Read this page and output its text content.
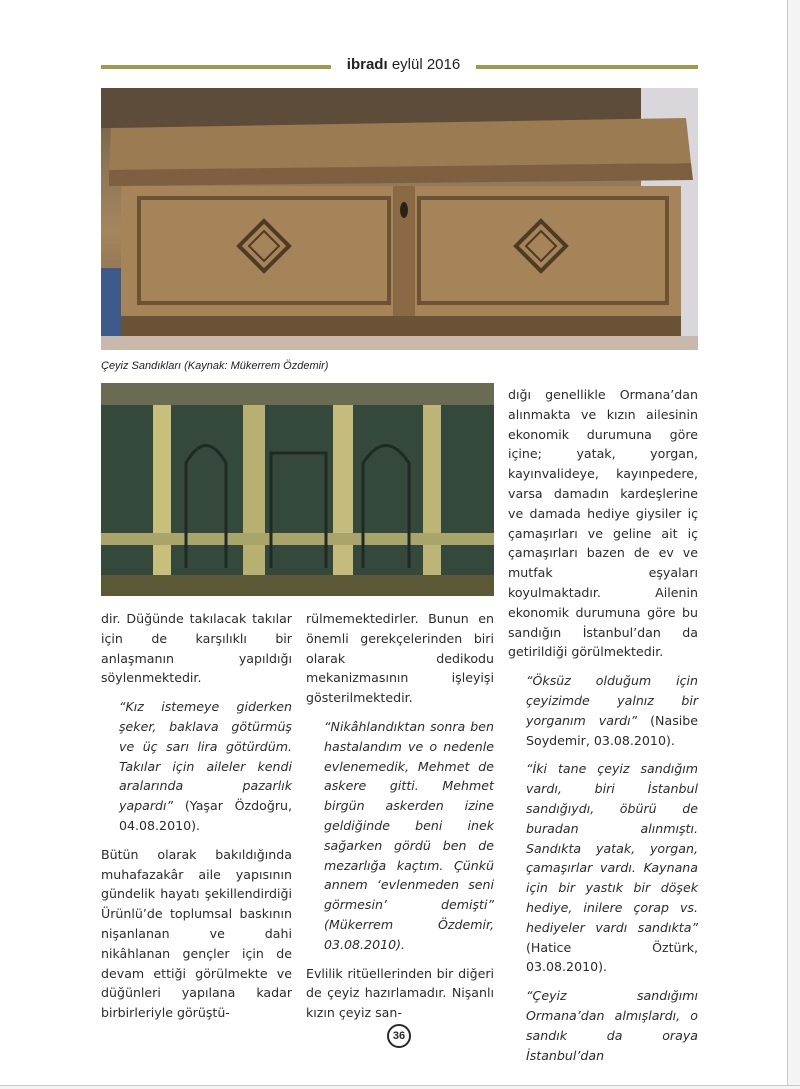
ibradı eylül 2016
Çeyiz Sandıkları (Kaynak: Mükerrem Özdemir)

dir. Düğünde takılacak takılar için de karşılıklı bir anlaşmanın yapıldığı söylenmektedir.

“Kız istemeye giderken şeker, baklava götürmüş ve üç sarı lira götürdüm. Takılar için aileler kendi aralarında pazarlık yapardı” (Yaşar Özdoğru, 04.08.2010).

Bütün olarak bakıldığında muhafazakâr aile yapısının gündelik hayatı şekillendirdiği Ürünlü’de toplumsal baskının nişanlanan ve dahi nikâhlanan gençler için de devam ettiği görülmekte ve düğünleri yapılana kadar birbirleriyle görüştü-

rülmemektedirler. Bunun en önemli gerekçelerinden biri olarak dedikodu mekanizmasının işleyişi gösterilmektedir.

“Nikâhlandıktan sonra ben hastalandım ve o nedenle evlenemedik, Mehmet de askere gitti. Mehmet birgün askerden izine geldiğinde beni inek sağarken gördü ben de mezarlığa kaçtım. Çünkü annem ‘evlenmeden seni görmesin’ demişti” (Mükerrem Özdemir, 03.08.2010).

Evlilik ritüellerinden bir diğeri de çeyiz hazırlamadır. Nişanlı kızın çeyiz san-

dığı genellikle Ormana’dan alınmakta ve kızın ailesinin ekonomik durumuna göre içine; yatak, yorgan, kayınvalideye, kayınpedere, varsa damadın kardeşlerine ve damada hediye giysiler iç çamaşırları ve geline ait iç çamaşırları bazen de ev ve mutfak eşyaları koyulmaktadır. Ailenin ekonomik durumuna göre bu sandığın İstanbul’dan da getirildiği görülmektedir.

“Öksüz olduğum için çeyizimde yalnız bir yorganım vardı” (Nasibe Soydemir, 03.08.2010).

“İki tane çeyiz sandığım vardı, biri İstanbul sandığıydı, öbürü de buradan alınmıştı. Sandıkta yatak, yorgan, çamaşırlar vardı. Kaynana için bir yastık bir döşek hediye, inilere çorap vs. hediyeler vardı sandıkta” (Hatice Öztürk, 03.08.2010).

“Çeyiz sandığımı Ormana’dan almışlardı, o sandık da oraya İstanbul’dan

36
